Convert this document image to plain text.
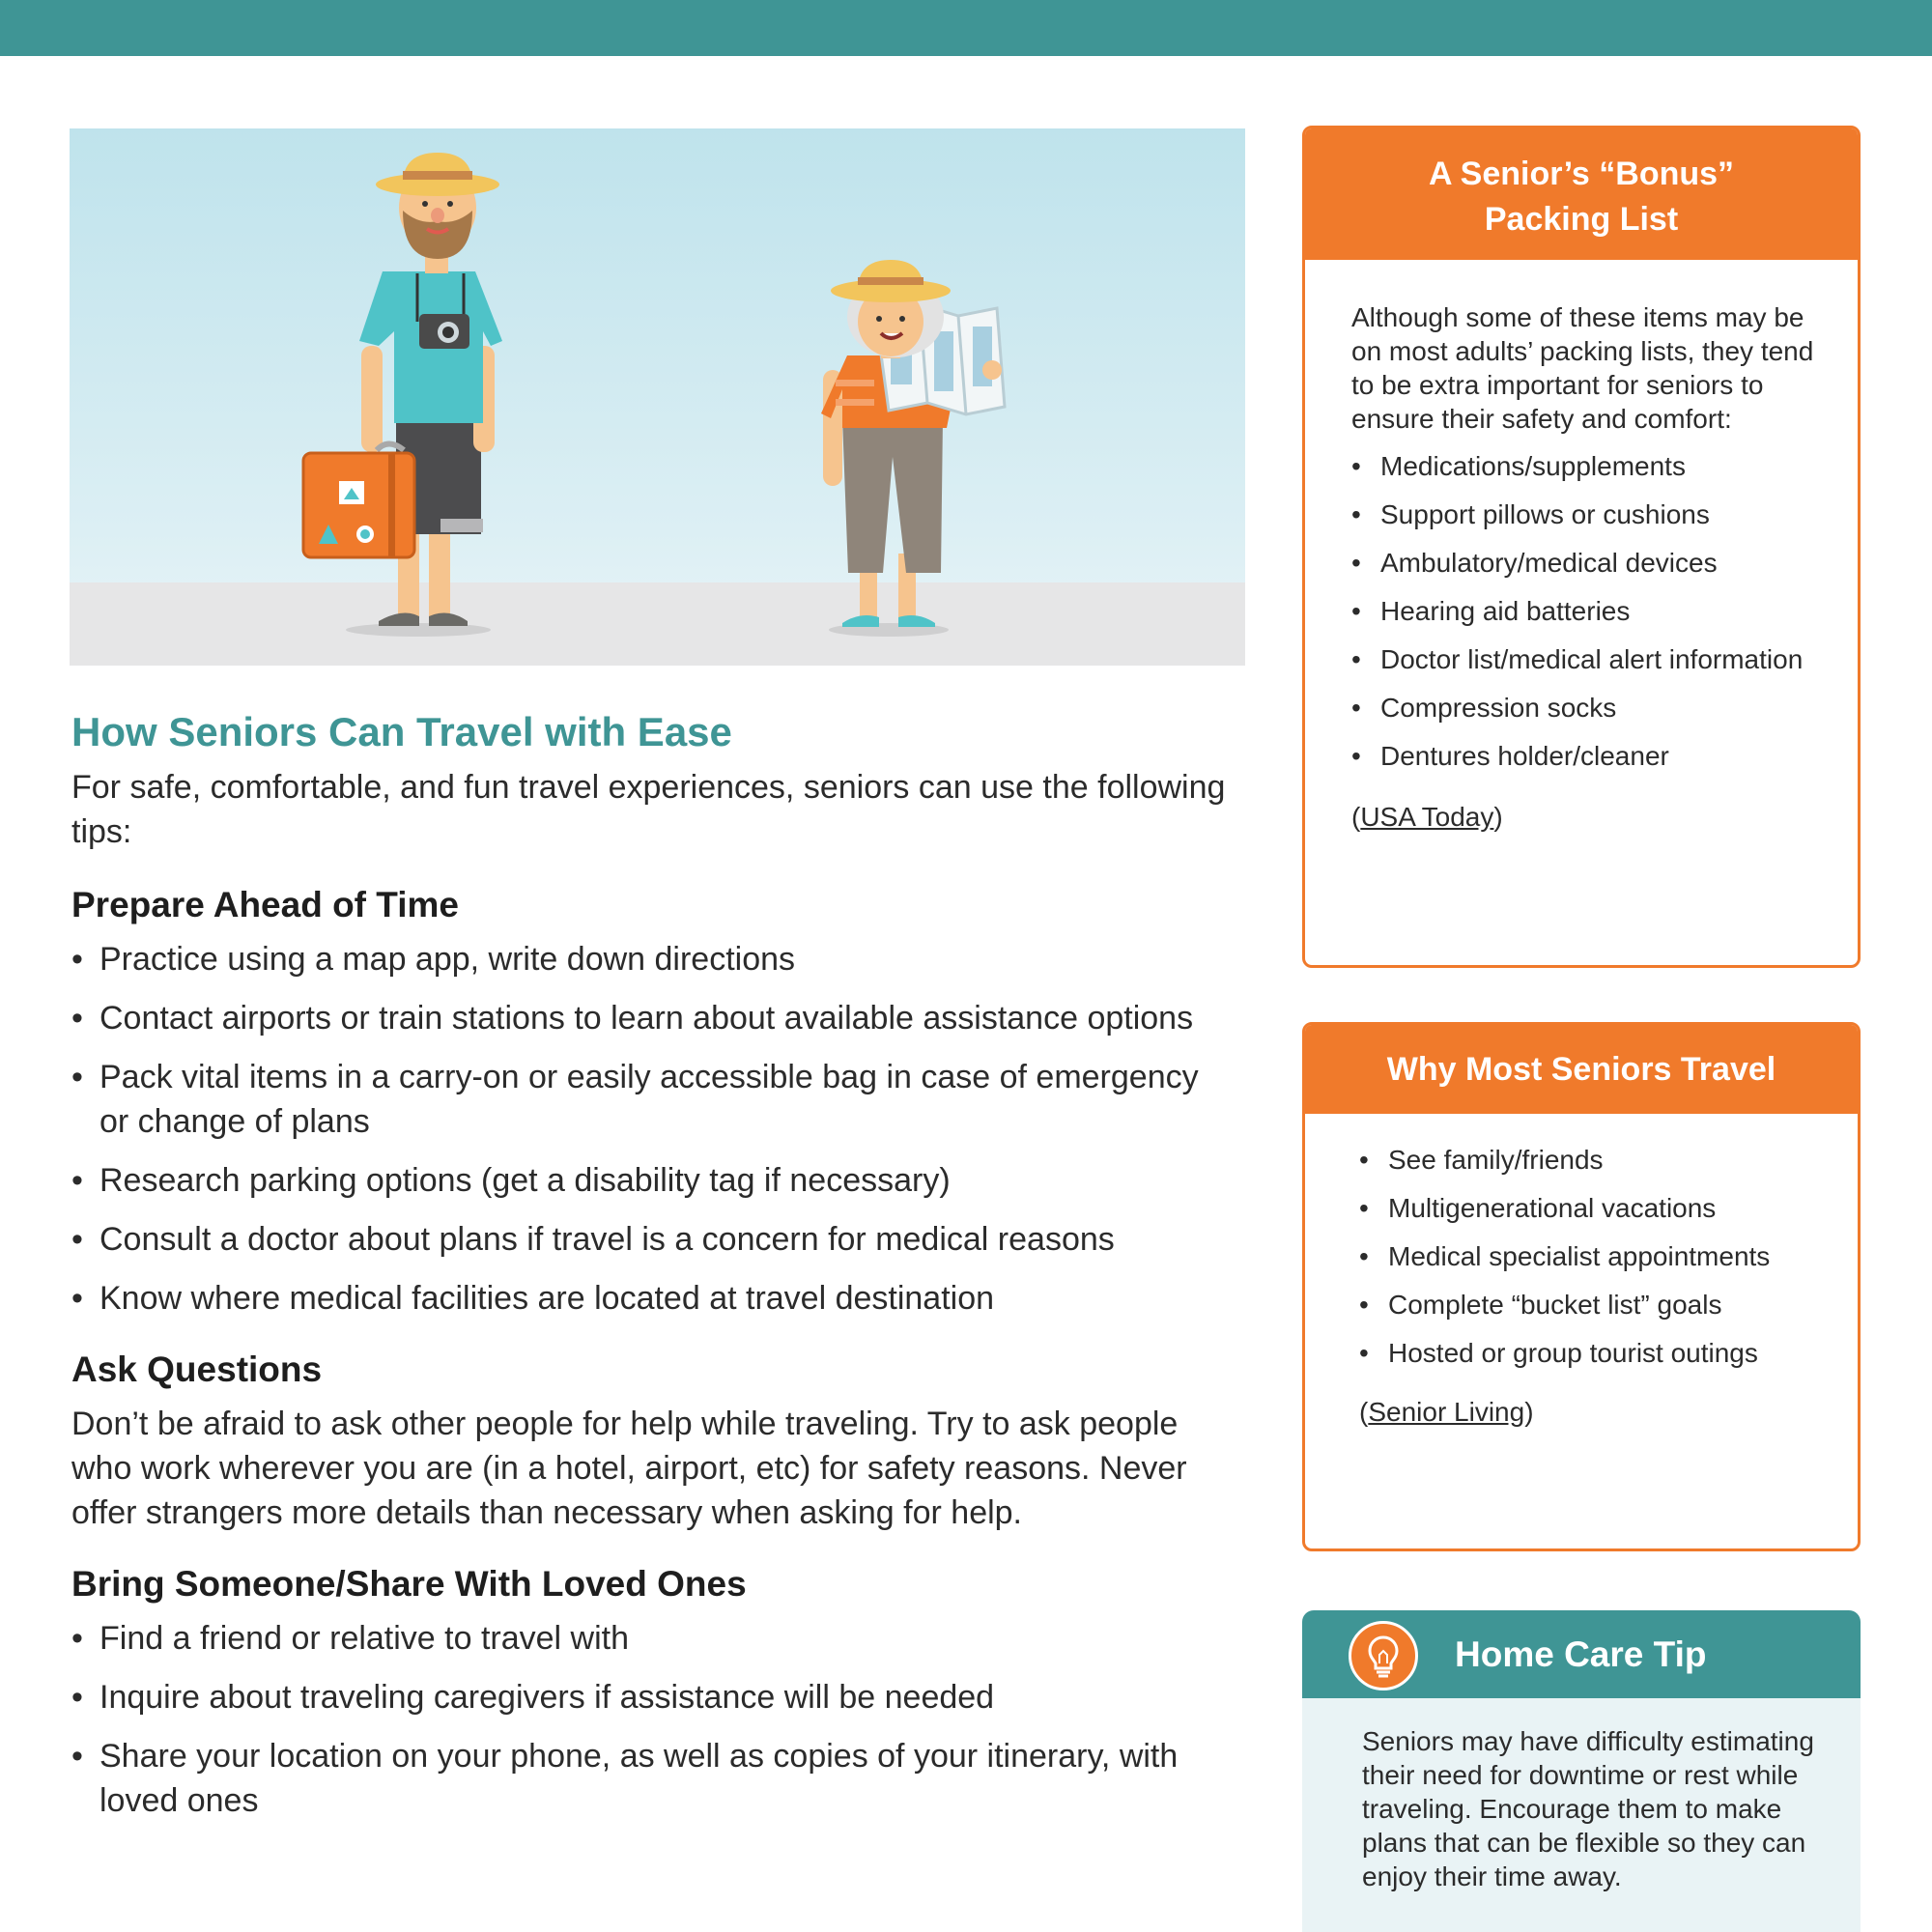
How Seniors Can Travel with Ease

For safe, comfortable, and fun travel experiences, seniors can use the following tips:

Prepare Ahead of Time
• Practice using a map app, write down directions
• Contact airports or train stations to learn about available assistance options
• Pack vital items in a carry-on or easily accessible bag in case of emergency or change of plans
• Research parking options (get a disability tag if necessary)
• Consult a doctor about plans if travel is a concern for medical reasons
• Know where medical facilities are located at travel destination
Ask Questions

Don’t be afraid to ask other people for help while traveling. Try to ask people who work wherever you are (in a hotel, airport, etc) for safety reasons. Never offer strangers more details than necessary when asking for help.

Bring Someone/Share With Loved Ones
• Find a friend or relative to travel with
• Inquire about traveling caregivers if assistance will be needed
• Share your location on your phone, as well as copies of your itinerary, with loved ones
A Senior’s “Bonus”
Packing List

Although some of these items may be on most adults’ packing lists, they tend to be extra important for seniors to ensure their safety and comfort:

• Medications/supplements
• Support pillows or cushions
• Ambulatory/medical devices
• Hearing aid batteries
• Doctor list/medical alert information
• Compression socks
• Dentures holder/cleaner
(USA Today)
Why Most Seniors Travel
• See family/friends
• Multigenerational vacations
• Medical specialist appointments
• Complete “bucket list” goals
• Hosted or group tourist outings
(Senior Living)
Home Care Tip
Seniors may have difficulty estimating their need for downtime or rest while traveling. Encourage them to make plans that can be flexible so they can enjoy their time away.
